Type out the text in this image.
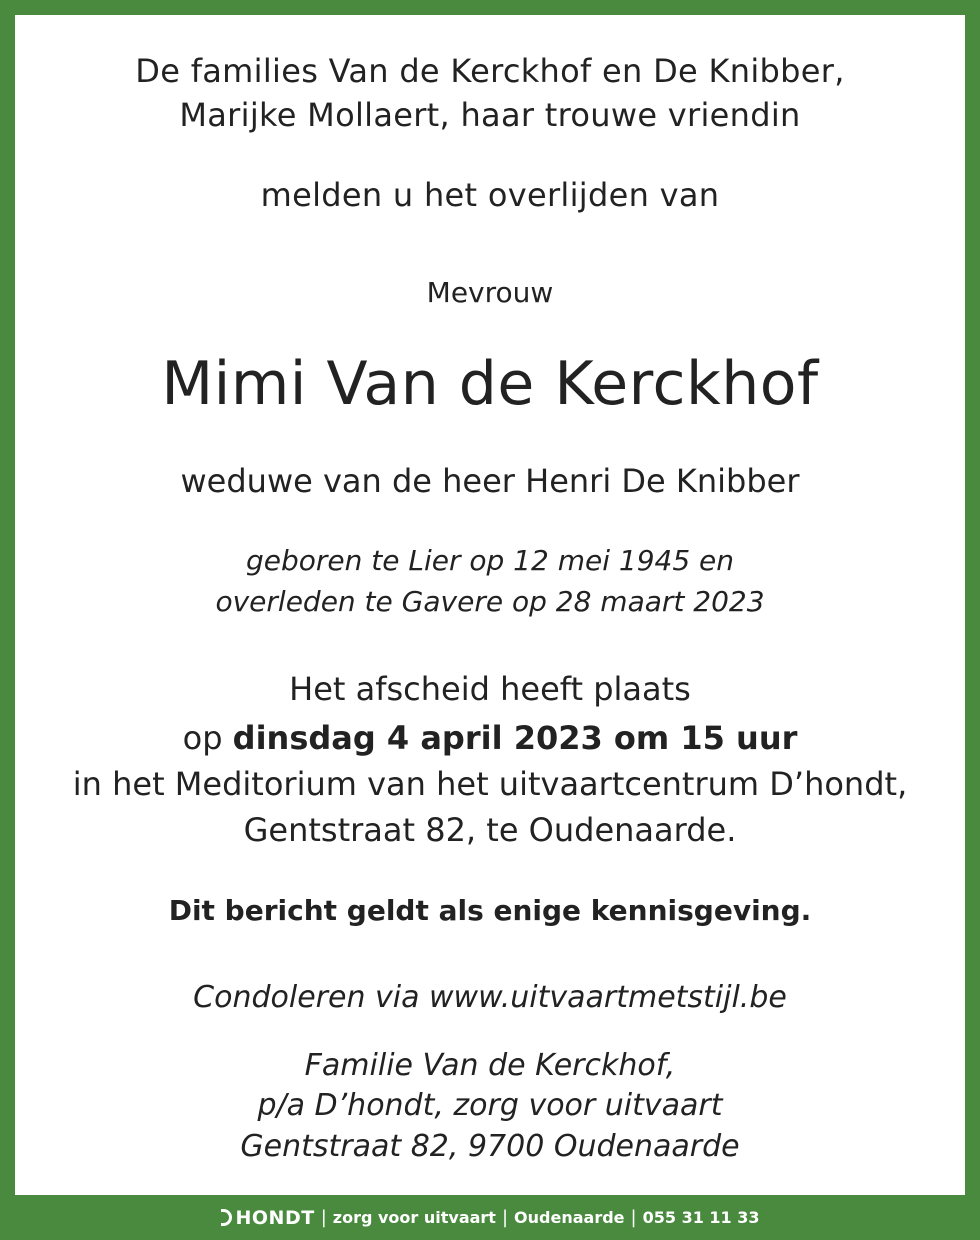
De families Van de Kerckhof en De Knibber,
Marijke Mollaert, haar trouwe vriendin
melden u het overlijden van
Mevrouw
Mimi Van de Kerckhof
weduwe van de heer Henri De Knibber
geboren te Lier op 12 mei 1945 en
overleden te Gavere op 28 maart 2023
Het afscheid heeft plaats
op dinsdag 4 april 2023 om 15 uur
in het Meditorium van het uitvaartcentrum D’hondt,
Gentstraat 82, te Oudenaarde.
Dit bericht geldt als enige kennisgeving.
Condoleren via www.uitvaartmetstijl.be
Familie Van de Kerckhof,
p/a D’hondt, zorg voor uitvaart
Gentstraat 82, 9700 Oudenaarde
HONDT | zorg voor uitvaart | Oudenaarde | 055 31 11 33
